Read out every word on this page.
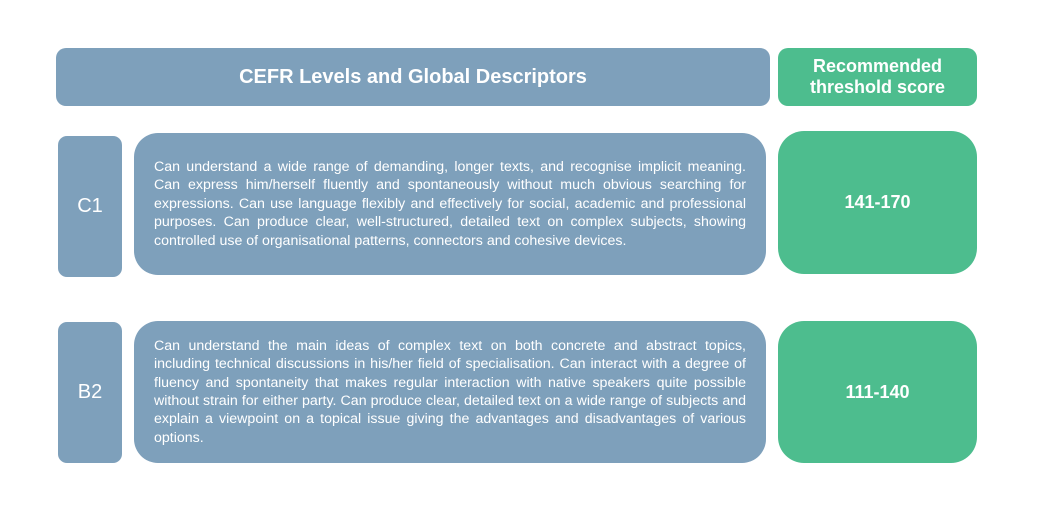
CEFR Levels and Global Descriptors	Recommended
threshold score
C1

Can understand a wide range of demanding, longer texts, and recognise implicit meaning. Can express him/herself fluently and spontaneously without much obvious searching for expressions. Can use language flexibly and effectively for social, academic and professional purposes. Can produce clear, well-structured, detailed text on complex subjects, showing controlled use of organisational patterns, connectors and cohesive devices.

141-170
B2

Can understand the main ideas of complex text on both concrete and abstract topics, including technical discussions in his/her field of specialisation. Can interact with a degree of fluency and spontaneity that makes regular interaction with native speakers quite possible without strain for either party. Can produce clear, detailed text on a wide range of subjects and explain a viewpoint on a topical issue giving the advantages and disadvantages of various options.

111-140
